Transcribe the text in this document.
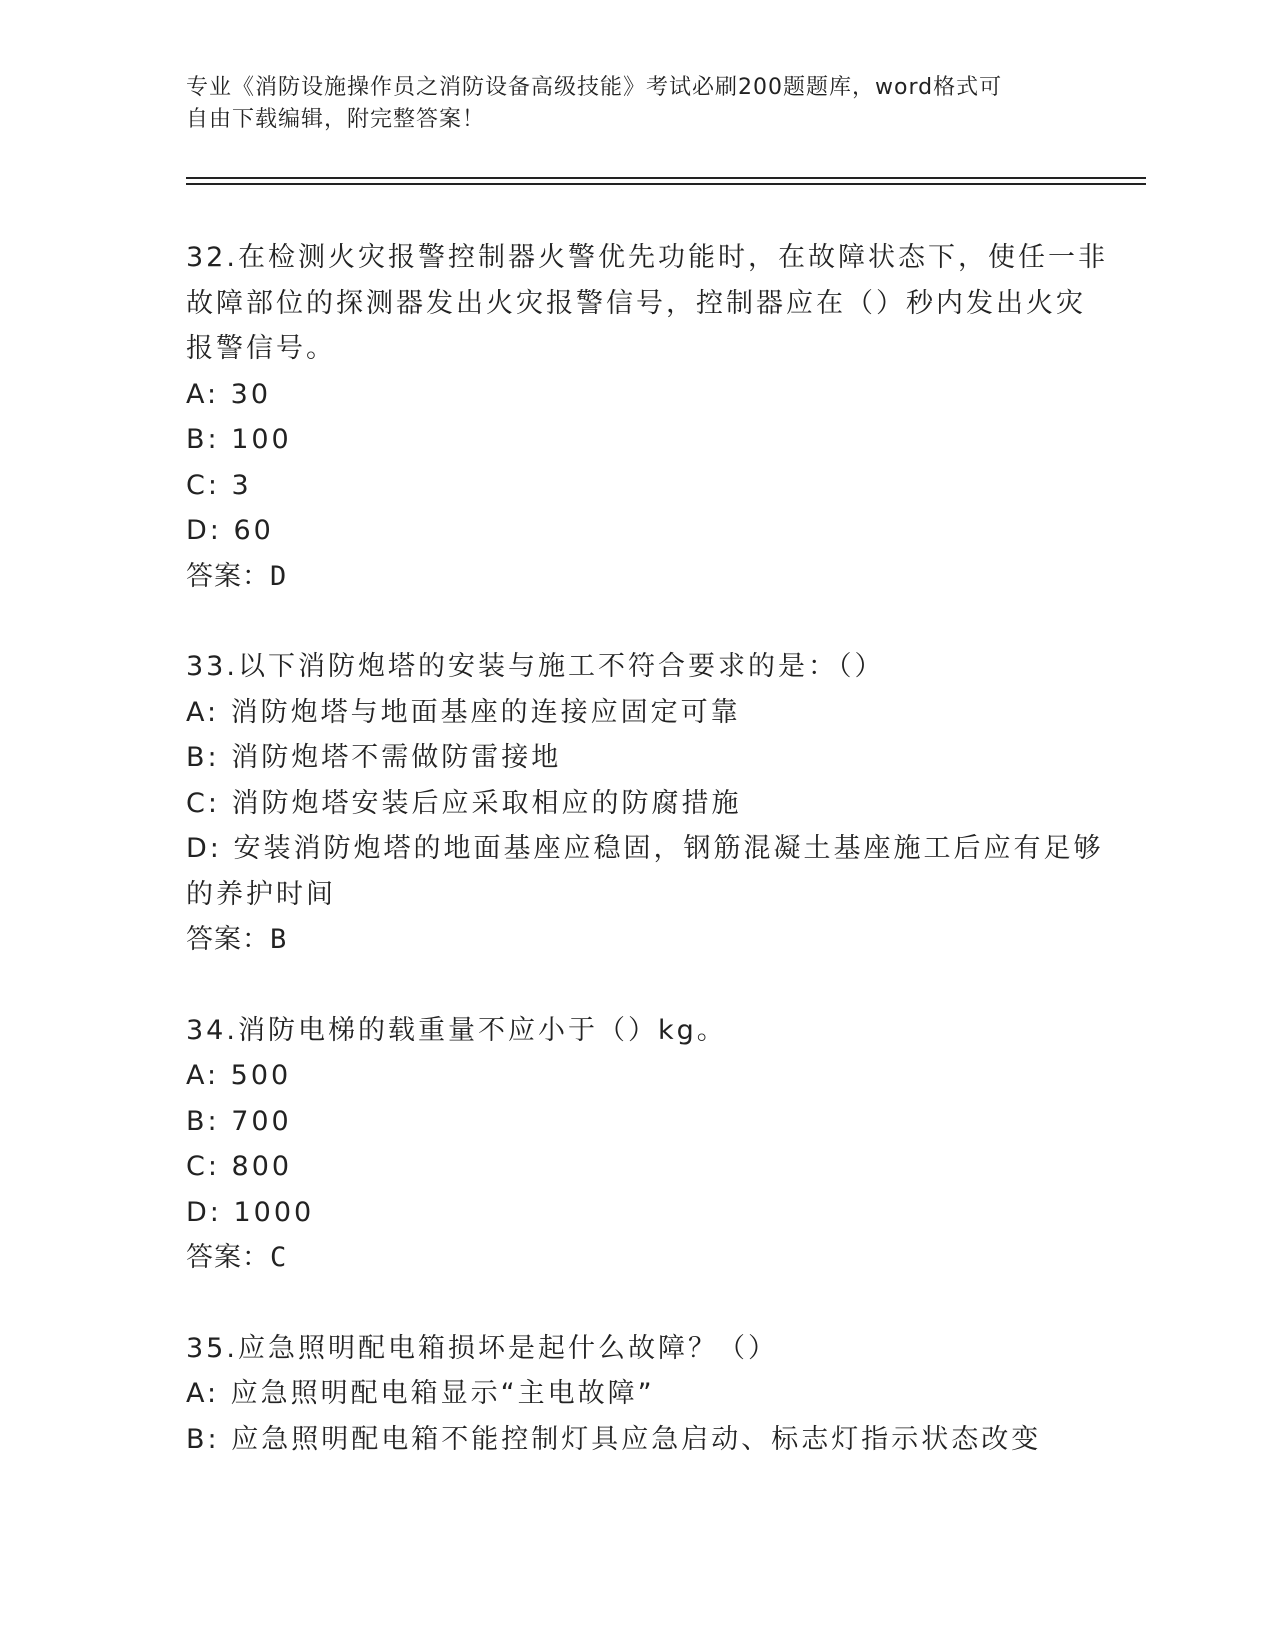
专业《消防设施操作员之消防设备高级技能》考试必刷200题题库，word格式可
自由下载编辑，附完整答案！
32.在检测火灾报警控制器火警优先功能时，在故障状态下，使任一非
故障部位的探测器发出火灾报警信号，控制器应在（）秒内发出火灾
报警信号。
A: 30
B: 100
C: 3
D: 60
答案：D
33.以下消防炮塔的安装与施工不符合要求的是：（）
A: 消防炮塔与地面基座的连接应固定可靠
B: 消防炮塔不需做防雷接地
C: 消防炮塔安装后应采取相应的防腐措施
D: 安装消防炮塔的地面基座应稳固，钢筋混凝土基座施工后应有足够
的养护时间
答案：B
34.消防电梯的载重量不应小于（）kg。
A: 500
B: 700
C: 800
D: 1000
答案：C
35.应急照明配电箱损坏是起什么故障？（）
A: 应急照明配电箱显示“主电故障”
B: 应急照明配电箱不能控制灯具应急启动、标志灯指示状态改变
